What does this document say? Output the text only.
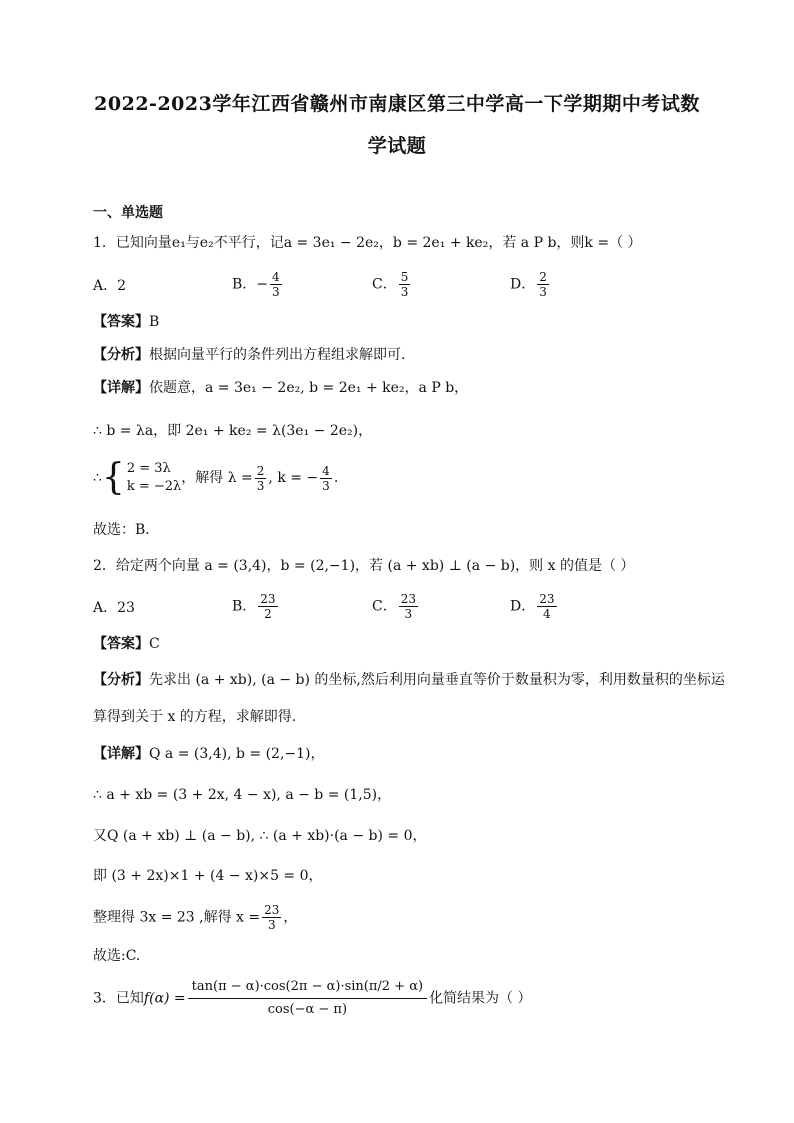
2022-2023学年江西省赣州市南康区第三中学高一下学期期中考试数
学试题
一、单选题
1．已知向量e₁与e₂不平行，记a = 3e₁ − 2e₂，b = 2e₁ + ke₂，若 a P b，则k =（ ）
A．2	B．− $\frac{4}{3}$	C． $\frac{5}{3}$	D． $\frac{2}{3}$
【答案】B
【分析】根据向量平行的条件列出方程组求解即可.
【详解】依题意，a = 3e₁ − 2e₂, b = 2e₁ + ke₂，a P b，
∴ b = λa，即 2e₁ + ke₂ = λ(3e₁ − 2e₂)，
∴ { 2 = 3λ
k = −2λ
，解得 $\lambda = \frac{2}{3}$ , k = − $\frac{4}{3}$ .
故选：B．
2．给定两个向量 a = (3,4)，b = (2,−1)，若 (a + xb) ⊥ (a − b)，则 x 的值是（ ）
A．23	B． $\frac{23}{2}$	C． $\frac{23}{3}$	D． $\frac{23}{4}$
【答案】C
【分析】先求出 (a + xb), (a − b) 的坐标,然后利用向量垂直等价于数量积为零，利用数量积的坐标运
算得到关于 x 的方程，求解即得.
【详解】Q a = (3,4), b = (2,−1)，
∴ a + xb = (3 + 2x, 4 − x), a − b = (1,5)，
又Q (a + xb) ⊥ (a − b), ∴ (a + xb)·(a − b) = 0，
即 (3 + 2x)×1 + (4 − x)×5 = 0，
整理得 3x = 23 ,解得 $x = \frac{23}{3}$ ，
故选:C.
3．已知$f(\alpha) = \frac{\tan(\pi - \alpha)\cdot\cos(2\pi - \alpha)\cdot\sin(\pi/2 + \alpha)}{\cos(-\alpha - \pi)}$ 化简结果为（ ）
